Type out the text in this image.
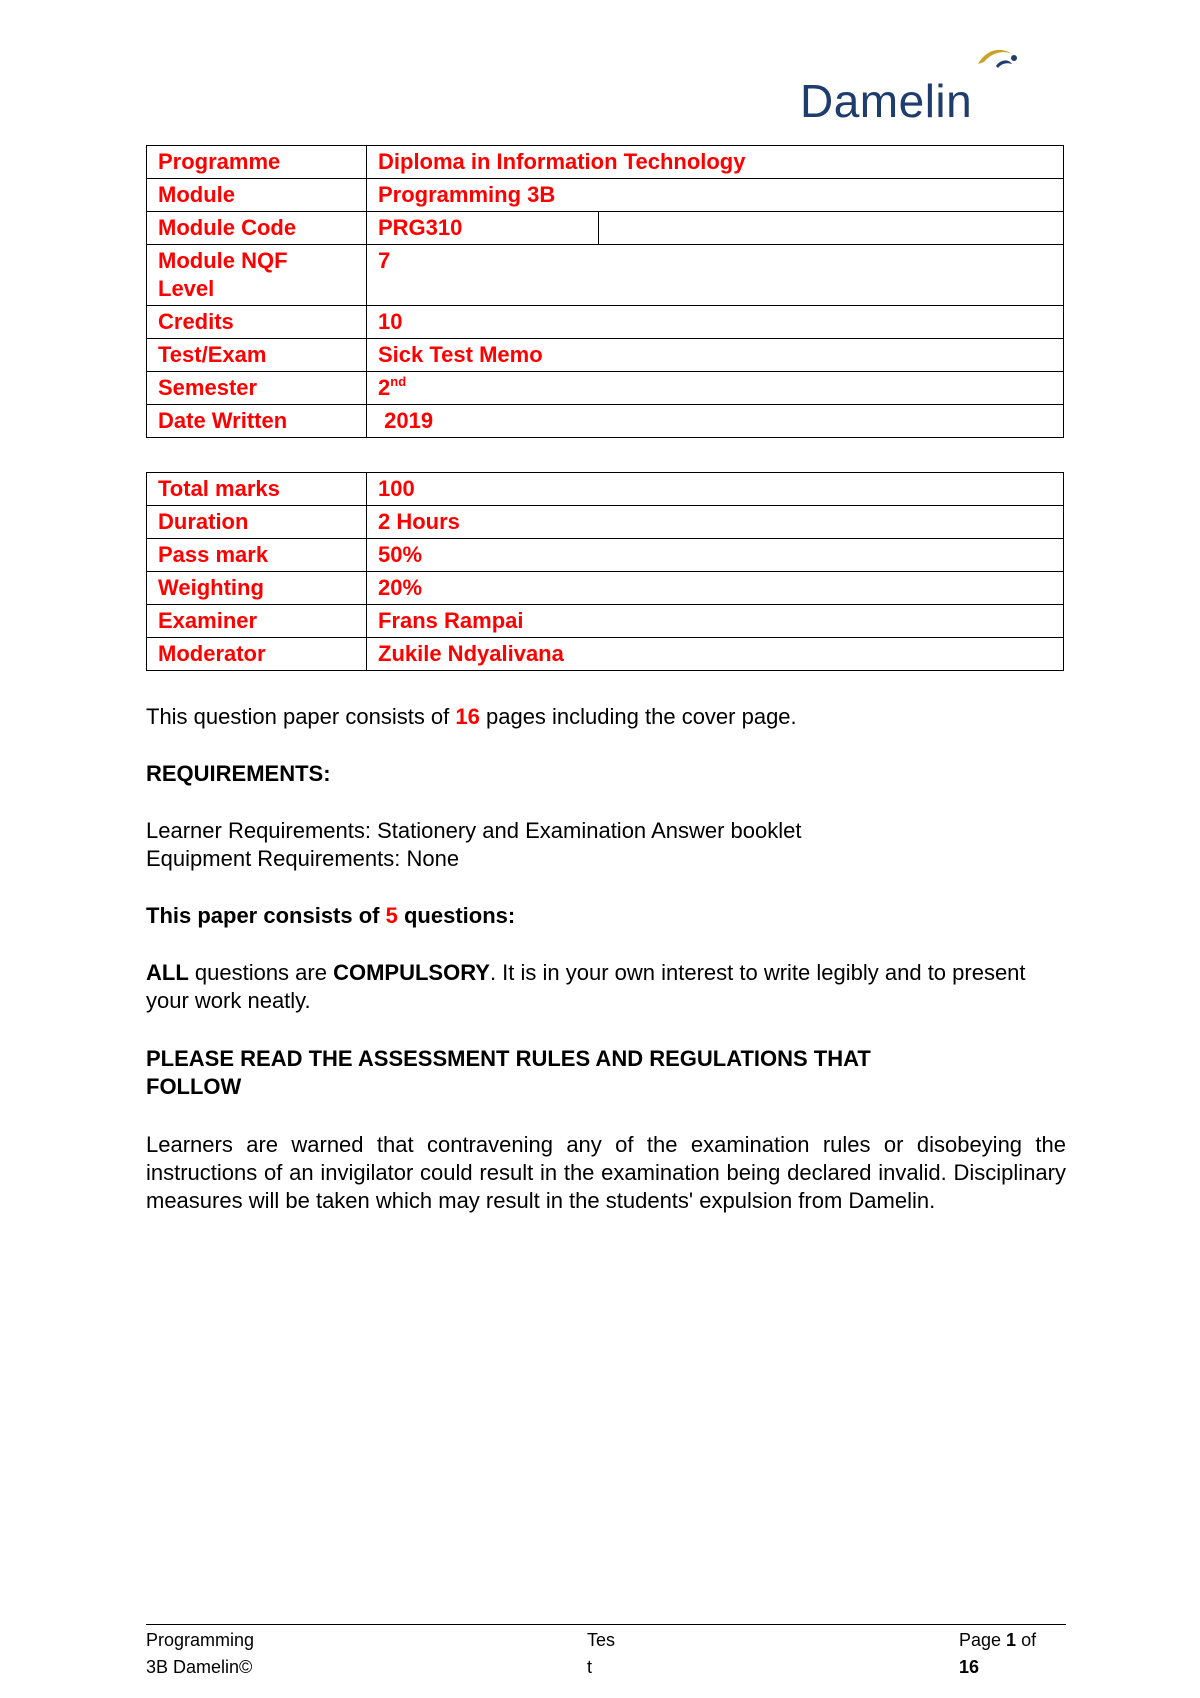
Damelin
Programme	Diploma in Information Technology
Module	Programming 3B
Module Code	PRG310

Module NQF Level	7
Credits	10
Test/Exam	Sick Test Memo
Semester	2nd
Date Written	2019
Total marks	100
Duration	2 Hours
Pass mark	50%
Weighting	20%
Examiner	Frans Rampai
Moderator	Zukile Ndyalivana
This question paper consists of 16 pages including the cover page.
REQUIREMENTS:
Learner Requirements: Stationery and Examination Answer booklet
Equipment Requirements: None
This paper consists of 5 questions:
ALL questions are COMPULSORY. It is in your own interest to write legibly and to present your work neatly.
PLEASE READ THE ASSESSMENT RULES AND REGULATIONS THAT FOLLOW
Learners are warned that contravening any of the examination rules or disobeying the instructions of an invigilator could result in the examination being declared invalid. Disciplinary measures will be taken which may result in the students' expulsion from Damelin.
Programming
3B Damelin©
Tes
t
Page 1 of
16
